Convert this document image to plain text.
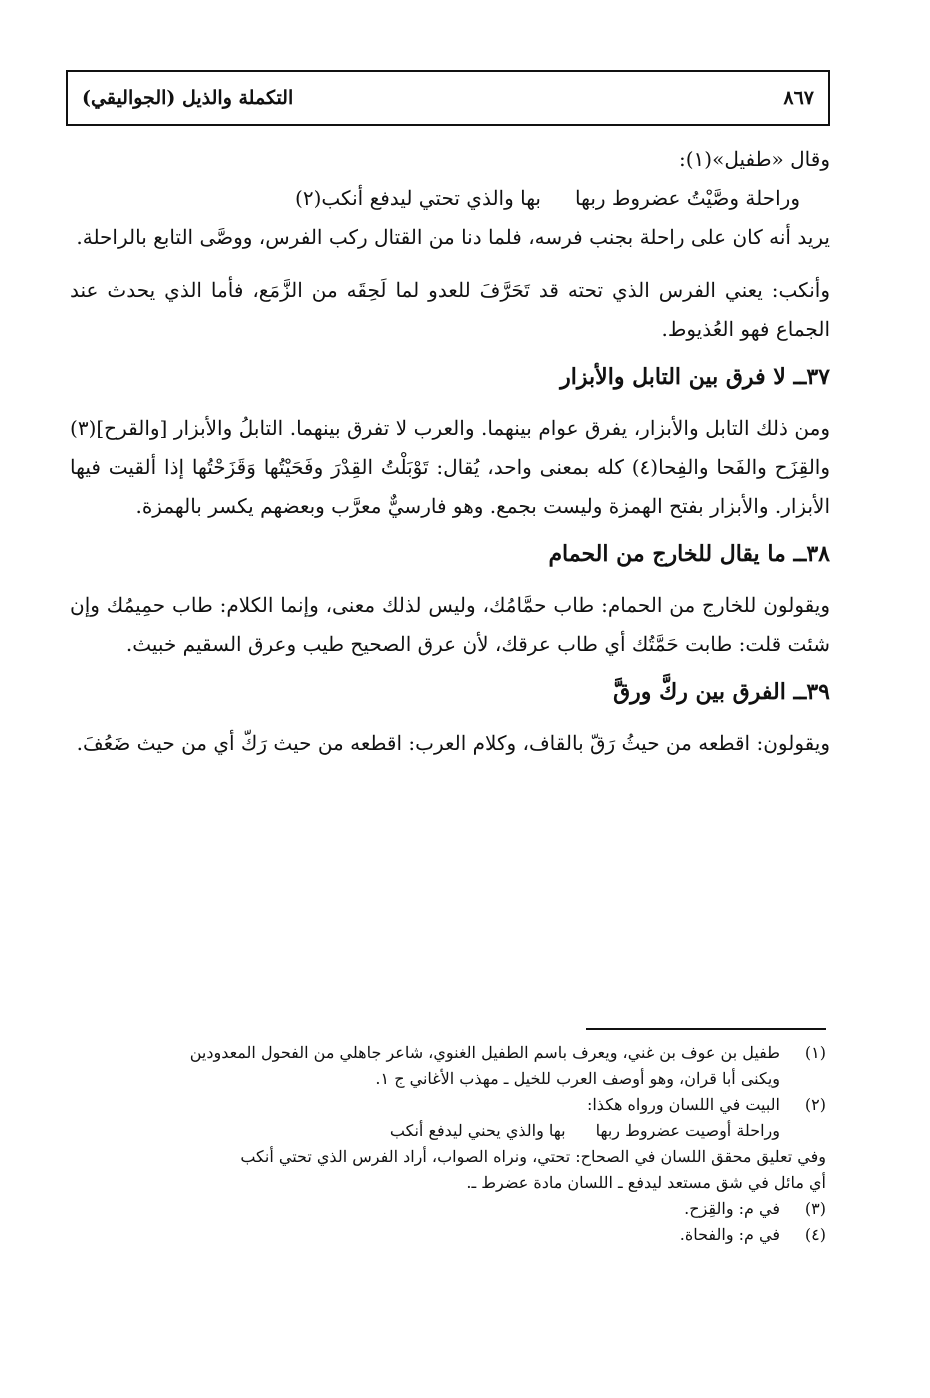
التكملة والذيل (الجواليقي)	٨٦٧

وقال «طفيل»(١):

وراحلة وصَّيْتُ عضروط ربها
بها والذي تحتي ليدفع أنكب(٢)

يريد أنه كان على راحلة بجنب فرسه، فلما دنا من القتال ركب الفرس، ووصَّى التابع بالراحلة.

وأنكب: يعني الفرس الذي تحته قد تَحَرَّفَ للعدو لما لَحِقَه من الزَّمَع، فأما الذي يحدث عند الجماع فهو العُذيوط.

٣٧ــ لا فرق بين التابل والأبزار

ومن ذلك التابل والأبزار، يفرق عوام بينهما. والعرب لا تفرق بينهما. التابلُ والأبزار [والقرح](٣) والقِزَح والفَحا والفِحا(٤) كله بمعنى واحد، يُقال: تَوْبَلْتُ القِدْرَ وفَحَيْتُها وَقَزَحْتُها إذا ألقيت فيها الأبزار. والأبزار بفتح الهمزة وليست بجمع. وهو فارسيٌّ معرَّب وبعضهم يكسر بالهمزة.

٣٨ــ ما يقال للخارج من الحمام

ويقولون للخارج من الحمام: طاب حمَّامُك، وليس لذلك معنى، وإنما الكلام: طاب حمِيمُك وإن شئت قلت: طابت حَمَّتُك أي طاب عرقك، لأن عرق الصحيح طيب وعرق السقيم خبيث.

٣٩ــ الفرق بين ركَّ ورقَّ

ويقولون: اقطعه من حيثُ رَقّ بالقاف، وكلام العرب: اقطعه من حيث رَكّ أي من حيث ضَعُفَ.

(١)
طفيل بن عوف بن غني، ويعرف باسم الطفيل الغنوي، شاعر جاهلي من الفحول المعدودين
ويكنى أبا قران، وهو أوصف العرب للخيل ـ مهذب الأغاني ج ١.
(٢)
البيت في اللسان ورواه هكذا:
وراحلة أوصيت عضروط ربها
بها والذي يحني ليدفع أنكب
وفي تعليق محقق اللسان في الصحاح: تحتي، ونراه الصواب، أراد الفرس الذي تحتي أنكب
أي مائل في شق مستعد ليدفع ـ اللسان مادة عضرط ـ.
(٣)
في م: والقِزح.
(٤)
في م: والفحاة.
